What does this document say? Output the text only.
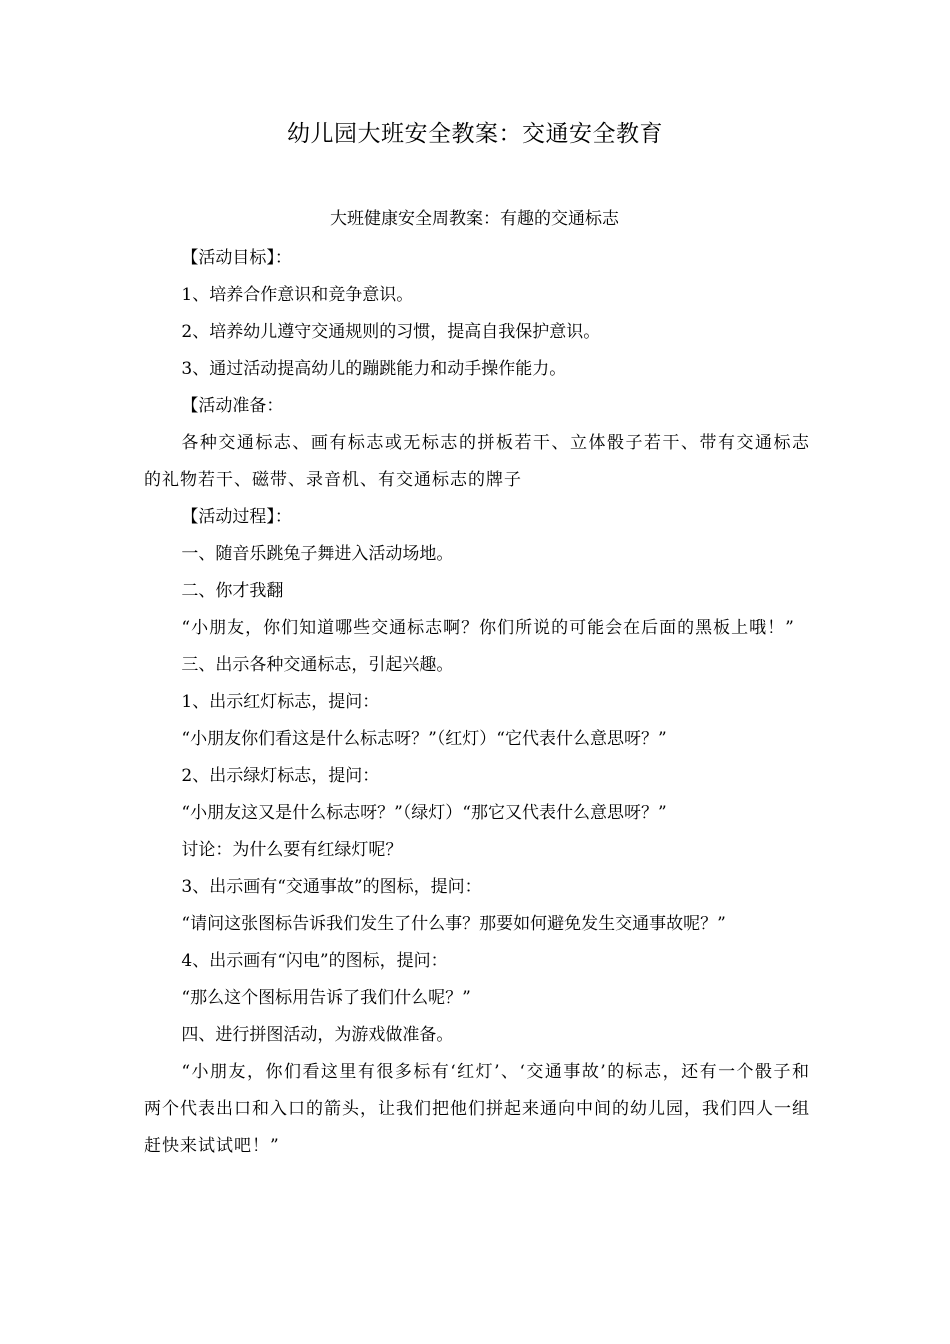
幼儿园大班安全教案：交通安全教育

大班健康安全周教案：有趣的交通标志

【活动目标】：

1、培养合作意识和竞争意识。

2、培养幼儿遵守交通规则的习惯，提高自我保护意识。

3、通过活动提高幼儿的蹦跳能力和动手操作能力。

【活动准备：

各种交通标志、画有标志或无标志的拼板若干、立体骰子若干、带有交通标志的礼物若干、磁带、录音机、有交通标志的牌子

【活动过程】：

一、随音乐跳兔子舞进入活动场地。

二、你才我翻

“小朋友，你们知道哪些交通标志啊？你们所说的可能会在后面的黑板上哦！”

三、出示各种交通标志，引起兴趣。

1、出示红灯标志，提问：

“小朋友你们看这是什么标志呀？”（红灯）“它代表什么意思呀？”

2、出示绿灯标志，提问：

“小朋友这又是什么标志呀？”（绿灯）“那它又代表什么意思呀？”

讨论：为什么要有红绿灯呢？

3、出示画有“交通事故”的图标，提问：

“请问这张图标告诉我们发生了什么事？那要如何避免发生交通事故呢？”

4、出示画有“闪电”的图标，提问：

“那么这个图标用告诉了我们什么呢？”

四、进行拼图活动，为游戏做准备。

“小朋友，你们看这里有很多标有‘红灯’、‘交通事故’的标志，还有一个骰子和两个代表出口和入口的箭头，让我们把他们拼起来通向中间的幼儿园，我们四人一组赶快来试试吧！”
